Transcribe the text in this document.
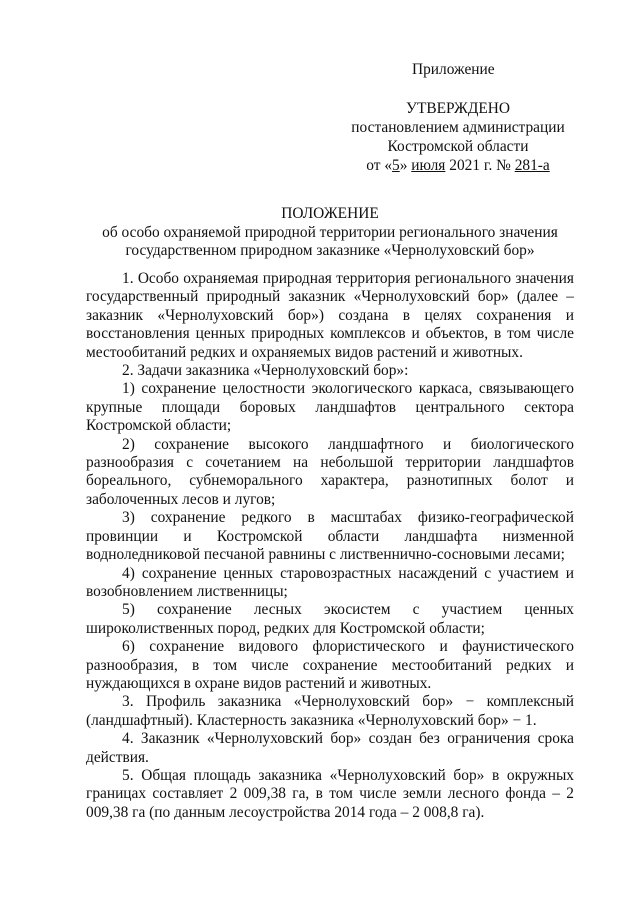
Приложение
УТВЕРЖДЕНО
постановлением администрации
Костромской области
от «5» июля 2021 г. № 281-а
ПОЛОЖЕНИЕ
об особо охраняемой природной территории регионального значения
государственном природном заказнике «Чернолуховский бор»

1. Особо охраняемая природная территория регионального значения государственный природный заказник «Чернолуховский бор» (далее – заказник «Чернолуховский бор») создана в целях сохранения и восстановления ценных природных комплексов и объектов, в том числе местообитаний редких и охраняемых видов растений и животных.

2. Задачи заказника «Чернолуховский бор»:

1) сохранение целостности экологического каркаса, связывающего крупные площади боровых ландшафтов центрального сектора Костромской области;

2) сохранение высокого ландшафтного и биологического разнообразия с сочетанием на небольшой территории ландшафтов бореального, субнеморального характера, разнотипных болот и заболоченных лесов и лугов;

3) сохранение редкого в масштабах физико-географической провинции и Костромской области ландшафта низменной водноледниковой песчаной равнины с лиственнично-сосновыми лесами;

4) сохранение ценных старовозрастных насаждений с участием и возобновлением лиственницы;

5) сохранение лесных экосистем с участием ценных широколиственных пород, редких для Костромской области;

6) сохранение видового флористического и фаунистического разнообразия, в том числе сохранение местообитаний редких и нуждающихся в охране видов растений и животных.

3. Профиль заказника «Чернолуховский бор» − комплексный (ландшафтный). Кластерность заказника «Чернолуховский бор» − 1.

4. Заказник «Чернолуховский бор» создан без ограничения срока действия.

5. Общая площадь заказника «Чернолуховский бор» в окружных границах составляет 2 009,38 га, в том числе земли лесного фонда – 2 009,38 га (по данным лесоустройства 2014 года – 2 008,8 га).
